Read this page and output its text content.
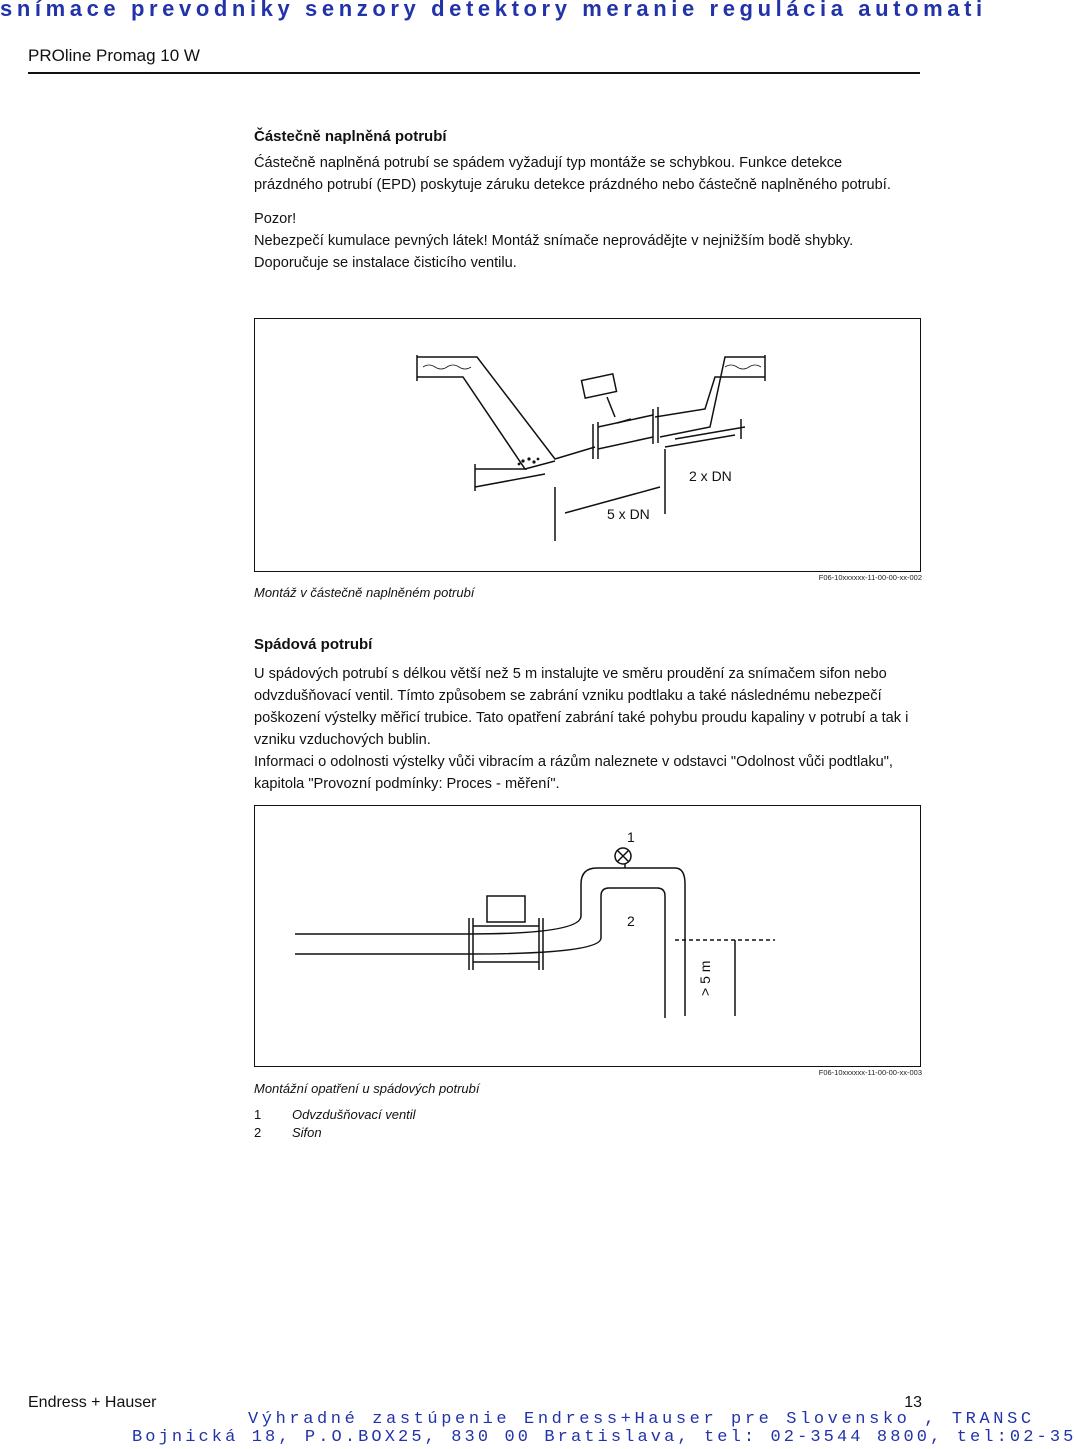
snímace prevodniky senzory detektory meranie regulácia automati
PROline Promag 10 W
Částečně naplněná potrubí

Ćástečně naplněná potrubí se spádem vyžadují typ montáže se schybkou. Funkce detekce prázdného potrubí (EPD) poskytuje záruku detekce prázdného nebo částečně naplněného potrubí.

Pozor!

Nebezpečí kumulace pevných látek! Montáž snímače neprovádějte v nejnižším bodě shybky. Doporučuje se instalace čisticího ventilu.

2 x DN
5 x DN
Montáž v částečně naplněném potrubí
F06-10xxxxxx-11-00-00-xx-002
Spádová potrubí

U spádových potrubí s délkou větší než 5 m instalujte ve směru proudění za snímačem sifon nebo odvzdušňovací ventil. Tímto způsobem se zabrání vzniku podtlaku a také následnému nebezpečí poškození výstelky měřicí trubice. Tato opatření zabrání také pohybu proudu kapaliny v potrubí a tak i vzniku vzduchových bublin.

Informaci o odolnosti výstelky vůči vibracím a rázům naleznete v odstavci "Odolnost vůči podtlaku", kapitola "Provozní podmínky: Proces - měření".

1
2
> 5 m
Montážní opatření u spádových potrubí
F06-10xxxxxx-11-00-00-xx-003
1 Odvzdušňovací ventil
2 Sifon
Endress + Hauser	13
Výhradné zastúpenie Endress+Hauser pre Slovensko , TRANSC
Bojnická 18, P.O.BOX25, 830 00 Bratislava, tel: 02-3544 8800, tel:02-35
